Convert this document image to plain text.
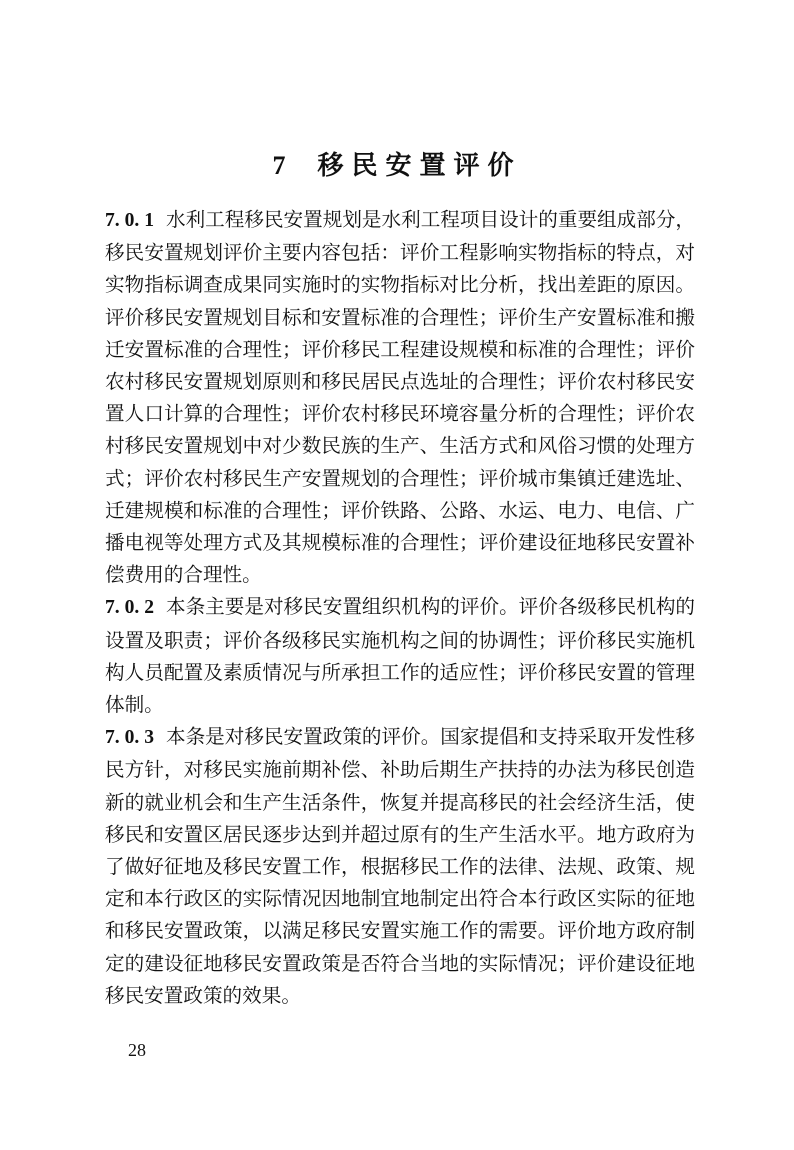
7 移民安置评价

7. 0. 1 水利工程移民安置规划是水利工程项目设计的重要组成部分，移民安置规划评价主要内容包括：评价工程影响实物指标的特点，对实物指标调查成果同实施时的实物指标对比分析，找出差距的原因。评价移民安置规划目标和安置标准的合理性；评价生产安置标准和搬迁安置标准的合理性；评价移民工程建设规模和标准的合理性；评价农村移民安置规划原则和移民居民点选址的合理性；评价农村移民安置人口计算的合理性；评价农村移民环境容量分析的合理性；评价农村移民安置规划中对少数民族的生产、生活方式和风俗习惯的处理方式；评价农村移民生产安置规划的合理性；评价城市集镇迁建选址、迁建规模和标准的合理性；评价铁路、公路、水运、电力、电信、广播电视等处理方式及其规模标准的合理性；评价建设征地移民安置补偿费用的合理性。

7. 0. 2 本条主要是对移民安置组织机构的评价。评价各级移民机构的设置及职责；评价各级移民实施机构之间的协调性；评价移民实施机构人员配置及素质情况与所承担工作的适应性；评价移民安置的管理体制。

7. 0. 3 本条是对移民安置政策的评价。国家提倡和支持采取开发性移民方针，对移民实施前期补偿、补助后期生产扶持的办法为移民创造新的就业机会和生产生活条件，恢复并提高移民的社会经济生活，使移民和安置区居民逐步达到并超过原有的生产生活水平。地方政府为了做好征地及移民安置工作，根据移民工作的法律、法规、政策、规定和本行政区的实际情况因地制宜地制定出符合本行政区实际的征地和移民安置政策，以满足移民安置实施工作的需要。评价地方政府制定的建设征地移民安置政策是否符合当地的实际情况；评价建设征地移民安置政策的效果。

28
